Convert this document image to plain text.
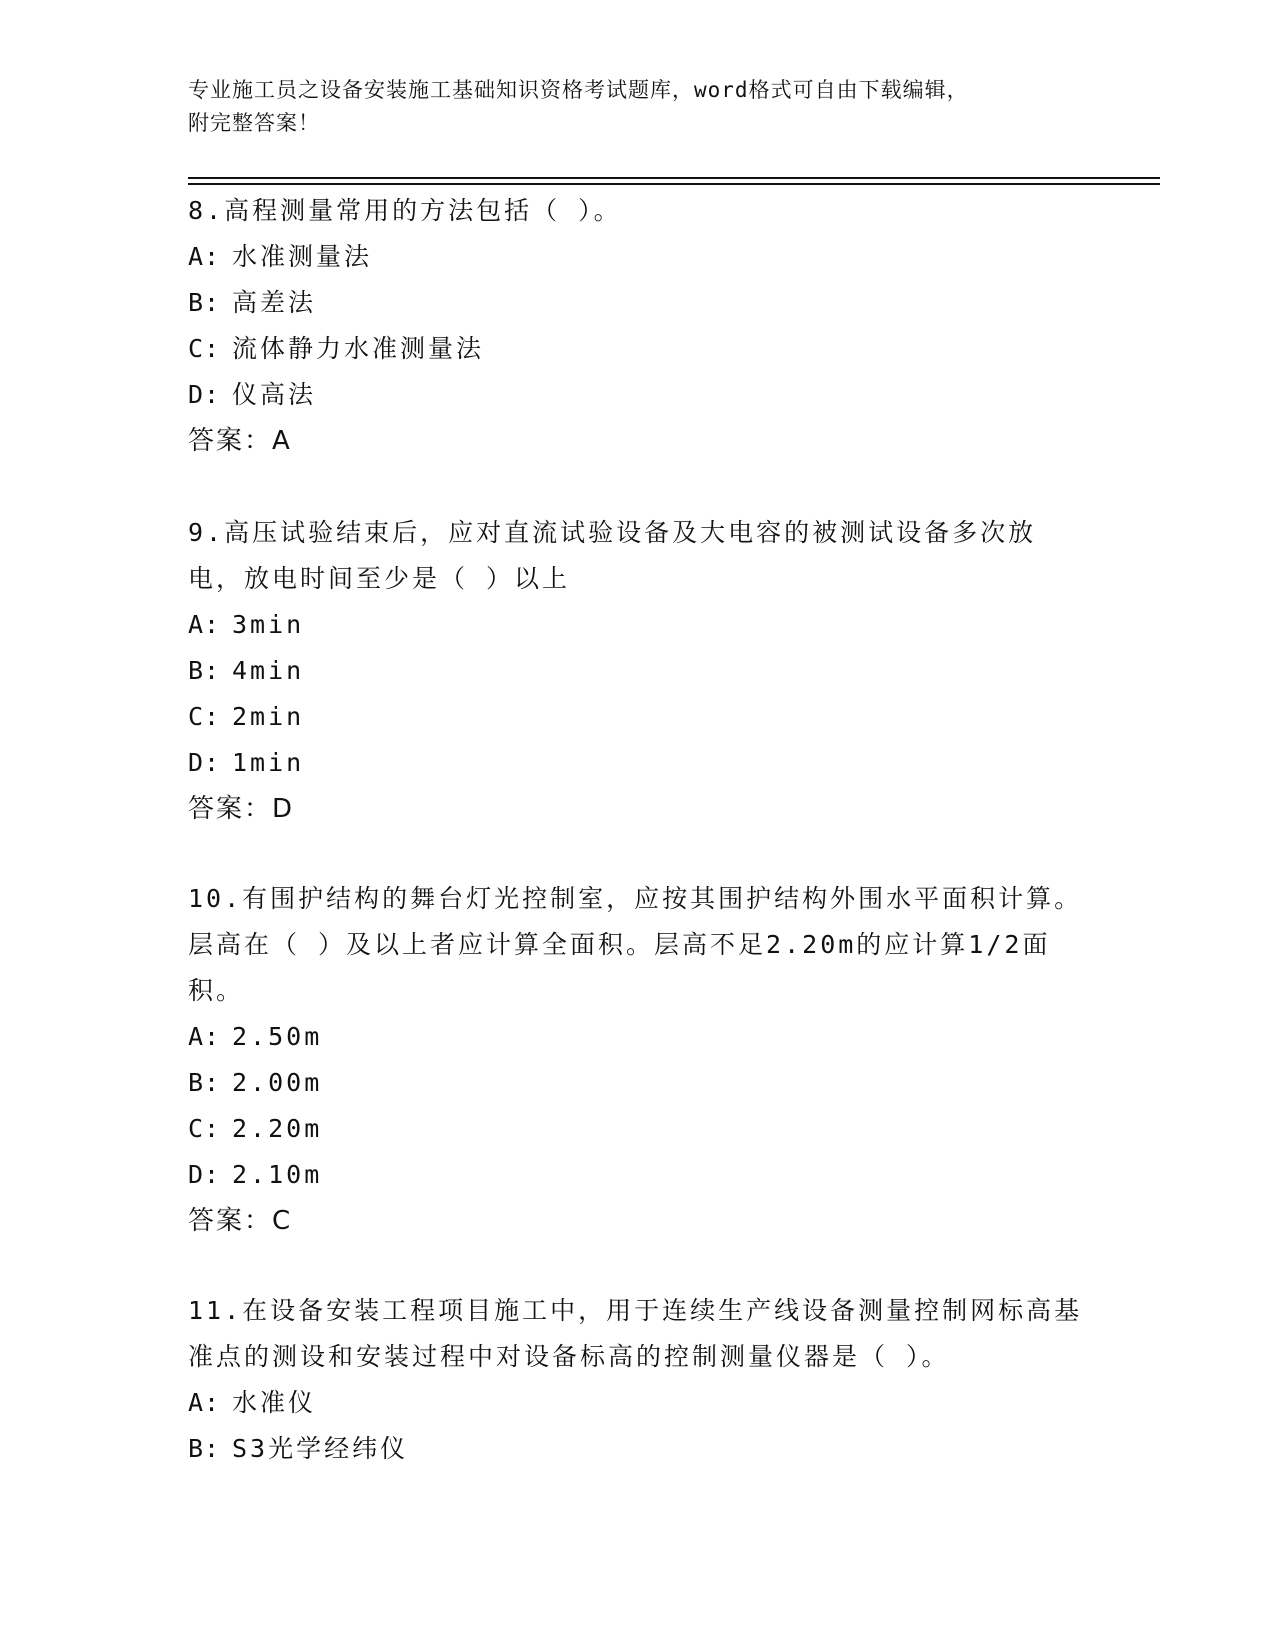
专业施工员之设备安装施工基础知识资格考试题库，word格式可自由下载编辑，
附完整答案！
8.高程测量常用的方法包括（ ）。
A: 水准测量法
B: 高差法
C: 流体静力水准测量法
D: 仪高法
答案：A
9.高压试验结束后，应对直流试验设备及大电容的被测试设备多次放电，放电时间至少是（ ）以上
A: 3min
B: 4min
C: 2min
D: 1min
答案：D
10.有围护结构的舞台灯光控制室，应按其围护结构外围水平面积计算。层高在（ ）及以上者应计算全面积。层高不足2.20m的应计算1/2面积。
A: 2.50m
B: 2.00m
C: 2.20m
D: 2.10m
答案：C
11.在设备安装工程项目施工中，用于连续生产线设备测量控制网标高基准点的测设和安装过程中对设备标高的控制测量仪器是（ ）。
A: 水准仪
B: S3光学经纬仪
